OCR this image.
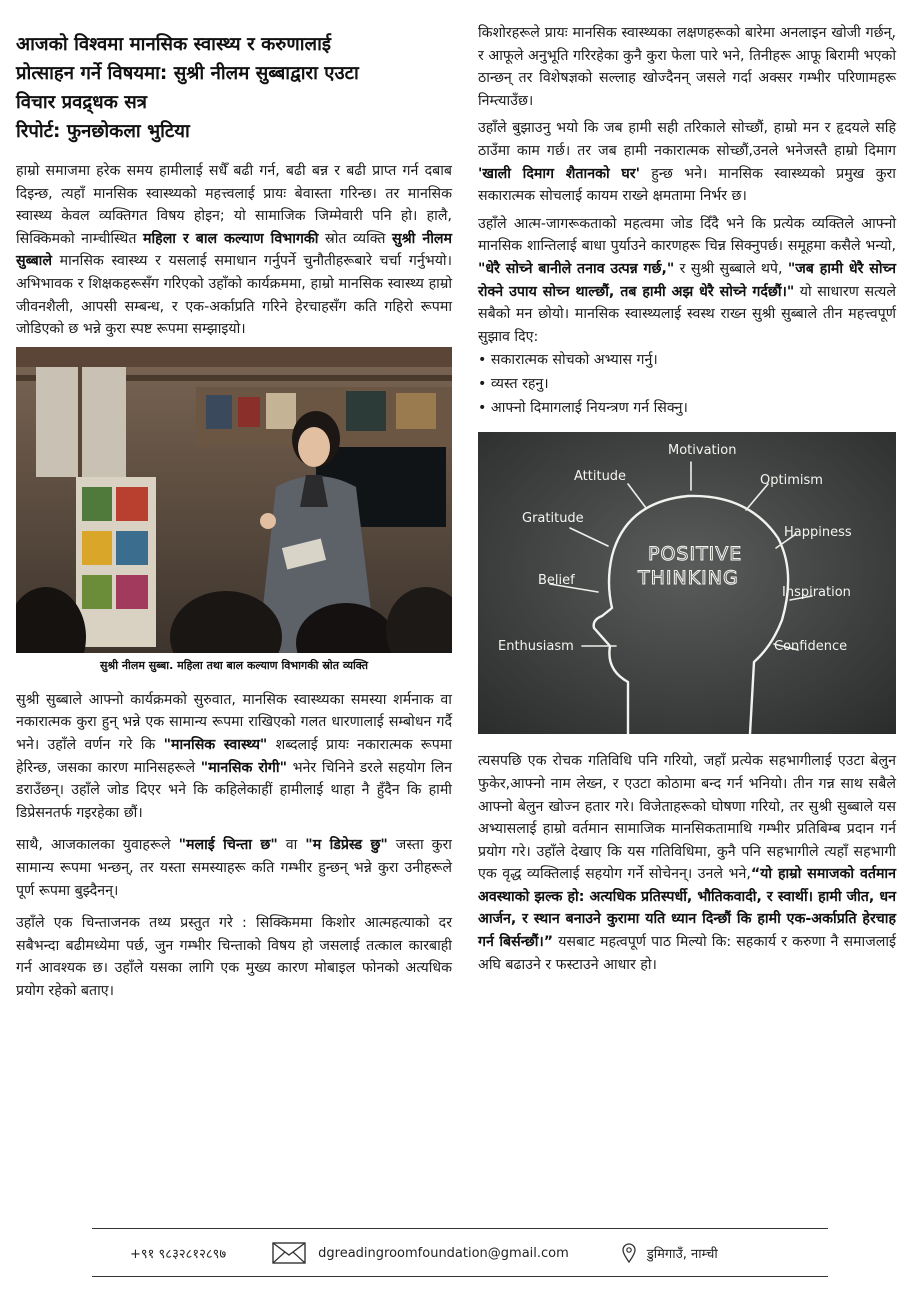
आजको विश्वमा मानसिक स्वास्थ्य र करुणालाई
प्रोत्साहन गर्ने विषयमा: सुश्री नीलम सुब्बाद्वारा एउटा
विचार प्रवद्र्धक सत्र
रिपोर्ट: फुनछोकला भुटिया

हाम्रो समाजमा हरेक समय हामीलाई सधैँ बढी गर्न, बढी बन्न र बढी प्राप्त गर्न दबाब दिइन्छ, त्यहाँ मानसिक स्वास्थ्यको महत्त्वलाई प्रायः बेवास्ता गरिन्छ। तर मानसिक स्वास्थ्य केवल व्यक्तिगत विषय होइन; यो सामाजिक जिम्मेवारी पनि हो। हालै, सिक्किमको नाम्चीस्थित महिला र बाल कल्याण विभागकी स्रोत व्यक्ति सुश्री नीलम सुब्बाले मानसिक स्वास्थ्य र यसलाई समाधान गर्नुपर्ने चुनौतीहरूबारे चर्चा गर्नुभयो। अभिभावक र शिक्षकहरूसँग गरिएको उहाँको कार्यक्रममा, हाम्रो मानसिक स्वास्थ्य हाम्रो जीवनशैली, आपसी सम्बन्ध, र एक-अर्काप्रति गरिने हेरचाहसँग कति गहिरो रूपमा जोडिएको छ भन्ने कुरा स्पष्ट रूपमा सम्झाइयो।

सुश्री नीलम सुब्बा. महिला तथा बाल कल्याण विभागकी स्रोत व्यक्ति

सुश्री सुब्बाले आफ्नो कार्यक्रमको सुरुवात, मानसिक स्वास्थ्यका समस्या शर्मनाक वा नकारात्मक कुरा हुन् भन्ने एक सामान्य रूपमा राखिएको गलत धारणालाई सम्बोधन गर्दै भने। उहाँले वर्णन गरे कि "मानसिक स्वास्थ्य" शब्दलाई प्रायः नकारात्मक रूपमा हेरिन्छ, जसका कारण मानिसहरूले "मानसिक रोगी" भनेर चिनिने डरले सहयोग लिन डराउँछन्। उहाँले जोड दिएर भने कि कहिलेकाहीं हामीलाई थाहा नै हुँदैन कि हामी डिप्रेसनतर्फ गइरहेका छौं।

साथै, आजकालका युवाहरूले "मलाई चिन्ता छ" वा "म डिप्रेस्ड छु" जस्ता कुरा सामान्य रूपमा भन्छन्, तर यस्ता समस्याहरू कति गम्भीर हुन्छन् भन्ने कुरा उनीहरूले पूर्ण रूपमा बुझ्दैनन्।

उहाँले एक चिन्ताजनक तथ्य प्रस्तुत गरे : सिक्किममा किशोर आत्महत्याको दर सबैभन्दा बढीमध्येमा पर्छ, जुन गम्भीर चिन्ताको विषय हो जसलाई तत्काल कारबाही गर्न आवश्यक छ। उहाँले यसका लागि एक मुख्य कारण मोबाइल फोनको अत्यधिक प्रयोग रहेको बताए।

किशोरहरूले प्रायः मानसिक स्वास्थ्यका लक्षणहरूको बारेमा अनलाइन खोजी गर्छन्, र आफूले अनुभूति गरिरहेका कुनै कुरा फेला पारे भने, तिनीहरू आफू बिरामी भएको ठान्छन् तर विशेषज्ञको सल्लाह खोज्दैनन् जसले गर्दा अक्सर गम्भीर परिणामहरू निम्त्याउँछ।

उहाँले बुझाउनु भयो कि जब हामी सही तरिकाले सोच्छौं, हाम्रो मन र हृदयले सहि ठाउँमा काम गर्छ। तर जब हामी नकारात्मक सोच्छौं,उनले भनेजस्तै हाम्रो दिमाग 'खाली दिमाग शैतानको घर' हुन्छ भने। मानसिक स्वास्थ्यको प्रमुख कुरा सकारात्मक सोचलाई कायम राख्ने क्षमतामा निर्भर छ।

उहाँले आत्म-जागरूकताको महत्वमा जोड दिँदै भने कि प्रत्येक व्यक्तिले आफ्नो मानसिक शान्तिलाई बाधा पुर्याउने कारणहरू चिन्न सिक्नुपर्छ। समूहमा कसैले भन्यो, "धेरै सोच्ने बानीले तनाव उत्पन्न गर्छ," र सुश्री सुब्बाले थपे, "जब हामी धेरै सोच्न रोक्ने उपाय सोच्न थाल्छौं, तब हामी अझ धेरै सोच्ने गर्दछौं।" यो साधारण सत्यले सबैको मन छोयो। मानसिक स्वास्थ्यलाई स्वस्थ राख्न सुश्री सुब्बाले तीन महत्त्वपूर्ण सुझाव दिए:

• सकारात्मक सोचको अभ्यास गर्नु।
• व्यस्त रहनु।
• आफ्नो दिमागलाई नियन्त्रण गर्न सिक्नु।
Motivation
Attitude	Optimism
Gratitude
Happiness
Belief
Inspiration
Enthusiasm	Confidence
POSITIVE
THINKING

त्यसपछि एक रोचक गतिविधि पनि गरियो, जहाँ प्रत्येक सहभागीलाई एउटा बेलुन फुकेर,आफ्नो नाम लेख्न, र एउटा कोठामा बन्द गर्न भनियो। तीन गन्न साथ सबैले आफ्नो बेलुन खोज्न हतार गरे। विजेताहरूको घोषणा गरियो, तर सुश्री सुब्बाले यस अभ्यासलाई हाम्रो वर्तमान सामाजिक मानसिकतामाथि गम्भीर प्रतिबिम्ब प्रदान गर्न प्रयोग गरे। उहाँले देखाए कि यस गतिविधिमा, कुनै पनि सहभागीले त्यहाँ सहभागी एक वृद्ध व्यक्तिलाई सहयोग गर्ने सोचेनन्। उनले भने,“यो हाम्रो समाजको वर्तमान अवस्थाको झल्क हो: अत्यधिक प्रतिस्पर्धी, भौतिकवादी, र स्वार्थी। हामी जीत, धन आर्जन, र स्थान बनाउने कुरामा यति ध्यान दिन्छौं कि हामी एक-अर्काप्रति हेरचाह गर्न बिर्सन्छौं।” यसबाट महत्वपूर्ण पाठ मिल्यो कि: सहकार्य र करुणा नै समाजलाई अघि बढाउने र फस्टाउने आधार हो।

+९१ ९८३२८१२८९७	dgreadingroomfoundation@gmail.com	डुमिगाउँ, नाम्ची
